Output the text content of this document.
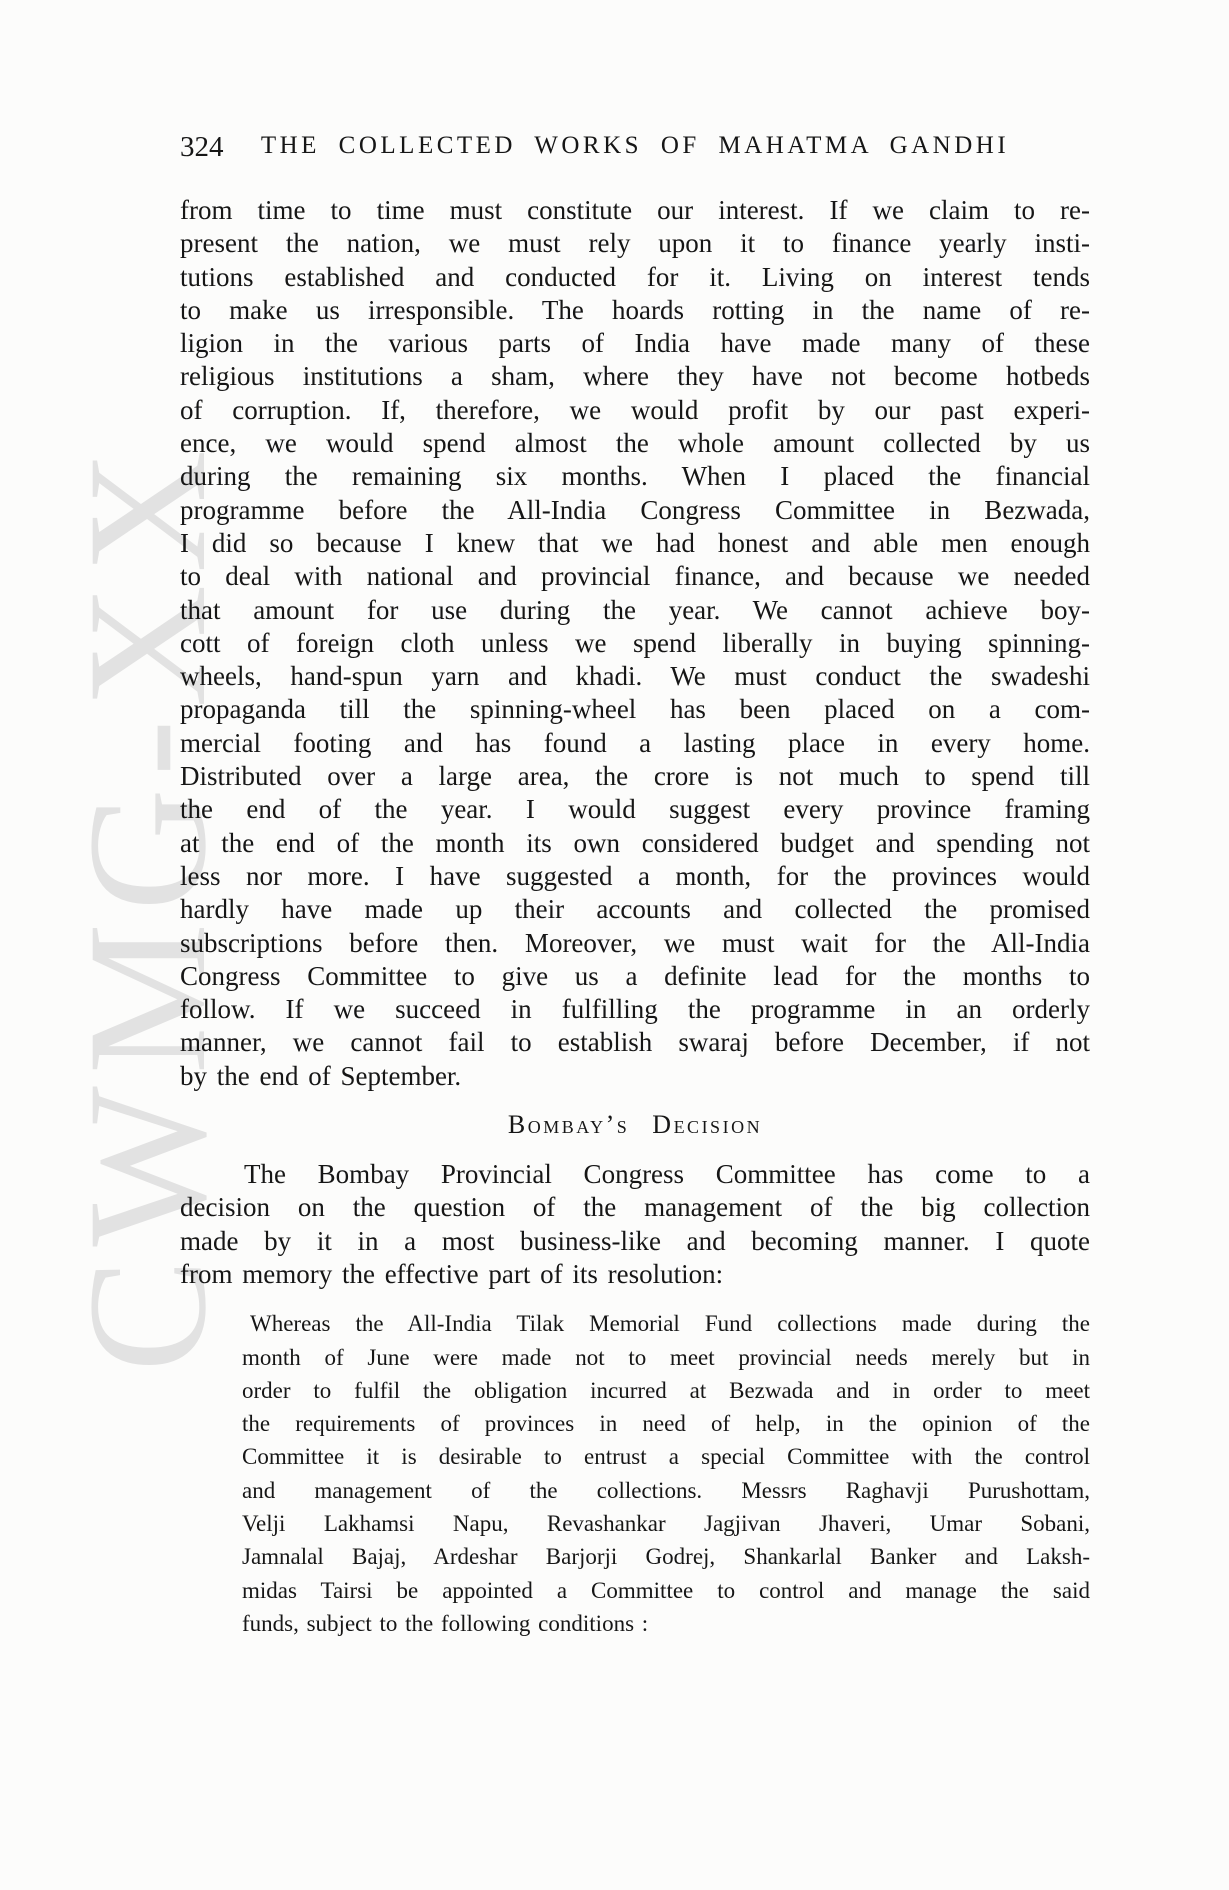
CWMG-XX
324	THE COLLECTED WORKS OF MAHATMA GANDHI
from time to time must constitute our interest. If we claim to re-
present the nation, we must rely upon it to finance yearly insti-
tutions established and conducted for it. Living on interest tends
to make us irresponsible. The hoards rotting in the name of re-
ligion in the various parts of India have made many of these
religious institutions a sham, where they have not become hotbeds
of corruption. If, therefore, we would profit by our past experi-
ence, we would spend almost the whole amount collected by us
during the remaining six months. When I placed the financial
programme before the All-India Congress Committee in Bezwada,
I did so because I knew that we had honest and able men enough
to deal with national and provincial finance, and because we needed
that amount for use during the year. We cannot achieve boy-
cott of foreign cloth unless we spend liberally in buying spinning-
wheels, hand-spun yarn and khadi. We must conduct the swadeshi
propaganda till the spinning-wheel has been placed on a com-
mercial footing and has found a lasting place in every home.
Distributed over a large area, the crore is not much to spend till
the end of the year. I would suggest every province framing
at the end of the month its own considered budget and spending not
less nor more. I have suggested a month, for the provinces would
hardly have made up their accounts and collected the promised
subscriptions before then. Moreover, we must wait for the All-India
Congress Committee to give us a definite lead for the months to
follow. If we succeed in fulfilling the programme in an orderly
manner, we cannot fail to establish swaraj before December, if not
by the end of September.
Bombay’s Decision
The Bombay Provincial Congress Committee has come to a
decision on the question of the management of the big collection
made by it in a most business-like and becoming manner. I quote
from memory the effective part of its resolution:
Whereas the All-India Tilak Memorial Fund collections made during the
month of June were made not to meet provincial needs merely but in
order to fulfil the obligation incurred at Bezwada and in order to meet
the requirements of provinces in need of help, in the opinion of the
Committee it is desirable to entrust a special Committee with the control
and management of the collections. Messrs Raghavji Purushottam,
Velji Lakhamsi Napu, Revashankar Jagjivan Jhaveri, Umar Sobani,
Jamnalal Bajaj, Ardeshar Barjorji Godrej, Shankarlal Banker and Laksh-
midas Tairsi be appointed a Committee to control and manage the said
funds, subject to the following conditions :
